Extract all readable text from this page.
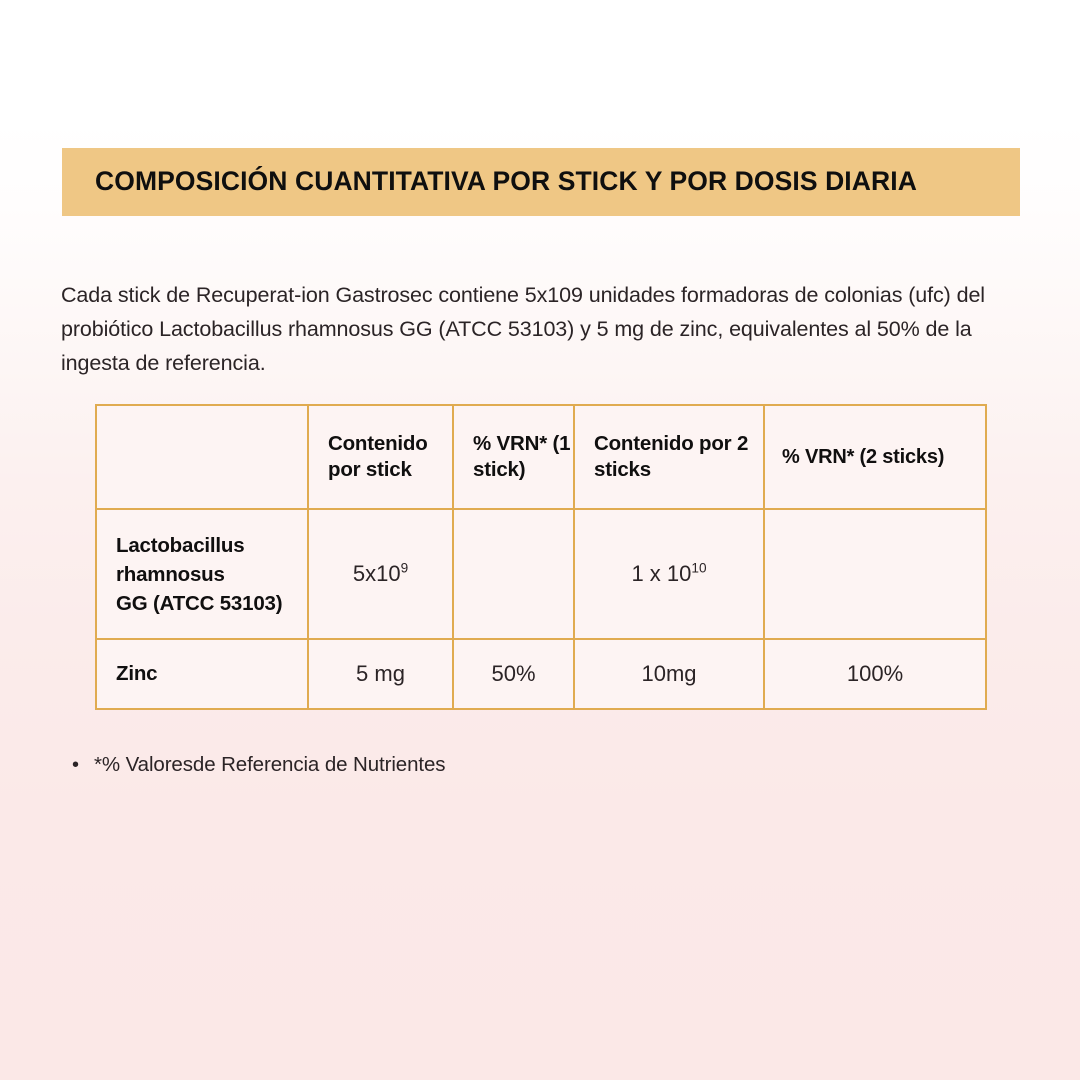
COMPOSICIÓN CUANTITATIVA POR STICK Y POR DOSIS DIARIA

Cada stick de Recuperat-ion Gastrosec contiene 5x109 unidades formadoras de colonias (ufc) del probiótico Lactobacillus rhamnosus GG (ATCC 53103) y 5 mg de zinc, equivalentes al 50% de la ingesta de referencia.

	Contenido por stick	% VRN* (1 stick)	Contenido por 2 sticks	% VRN* (2 sticks)
Lactobacillus
rhamnosus
GG (ATCC 53103)	$5x10^9$		1 x $10^{10}$	
Zinc	5 mg	50%	10mg	100%
• *% Valoresde Referencia de Nutrientes
